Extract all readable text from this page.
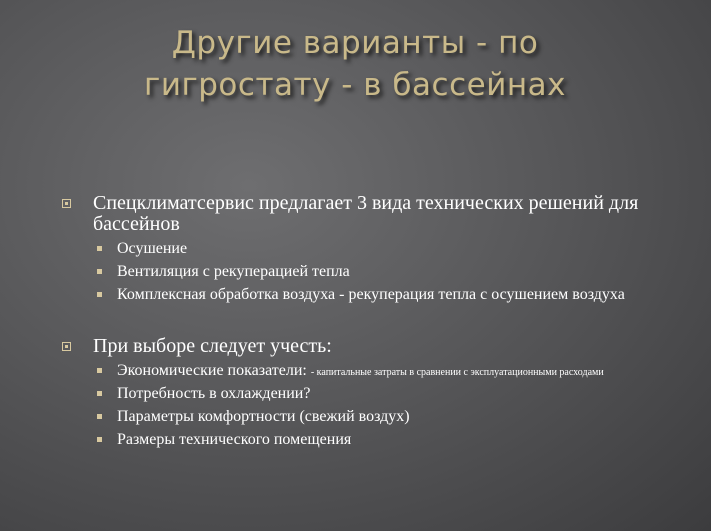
Другие варианты - по
гигростату - в бассейнах
Спецклиматсервис предлагает 3 вида технических решений для бассейнов
Осушение
Вентиляция с рекуперацией тепла
Комплексная обработка воздуха - рекуперация тепла с осушением воздуха
При выборе следует учесть:
Экономические показатели: - капитальные затраты в сравнении с эксплуатационными расходами
Потребность в охлаждении?
Параметры комфортности (свежий воздух)
Размеры технического помещения
